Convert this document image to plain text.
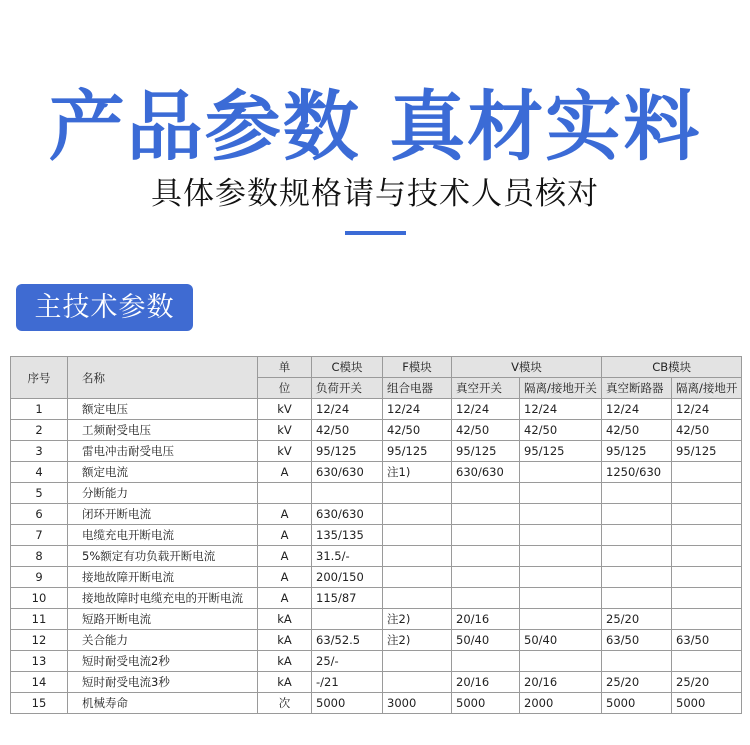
产品参数 真材实料
具体参数规格请与技术人员核对
主技术参数
序号	名称	单	C模块	F模块	V模块		CB模块	
		位	负荷开关	组合电器	真空开关	隔离/接地开关	真空断路器	隔离/接地开
1	额定电压	kV	12/24	12/24	12/24	12/24	12/24	12/24
2	工频耐受电压	kV	42/50	42/50	42/50	42/50	42/50	42/50
3	雷电冲击耐受电压	kV	95/125	95/125	95/125	95/125	95/125	95/125
4	额定电流	A	630/630	注1)	630/630		1250/630	
5	分断能力							
6	闭环开断电流	A	630/630					
7	电缆充电开断电流	A	135/135					
8	5%额定有功负载开断电流	A	31.5/-					
9	接地故障开断电流	A	200/150					
10	接地故障时电缆充电的开断电流	A	115/87					
11	短路开断电流	kA		注2)	20/16		25/20	
12	关合能力	kA	63/52.5	注2)	50/40	50/40	63/50	63/50
13	短时耐受电流2秒	kA	25/-					
14	短时耐受电流3秒	kA	-/21		20/16	20/16	25/20	25/20
15	机械寿命	次	5000	3000	5000	2000	5000	5000
